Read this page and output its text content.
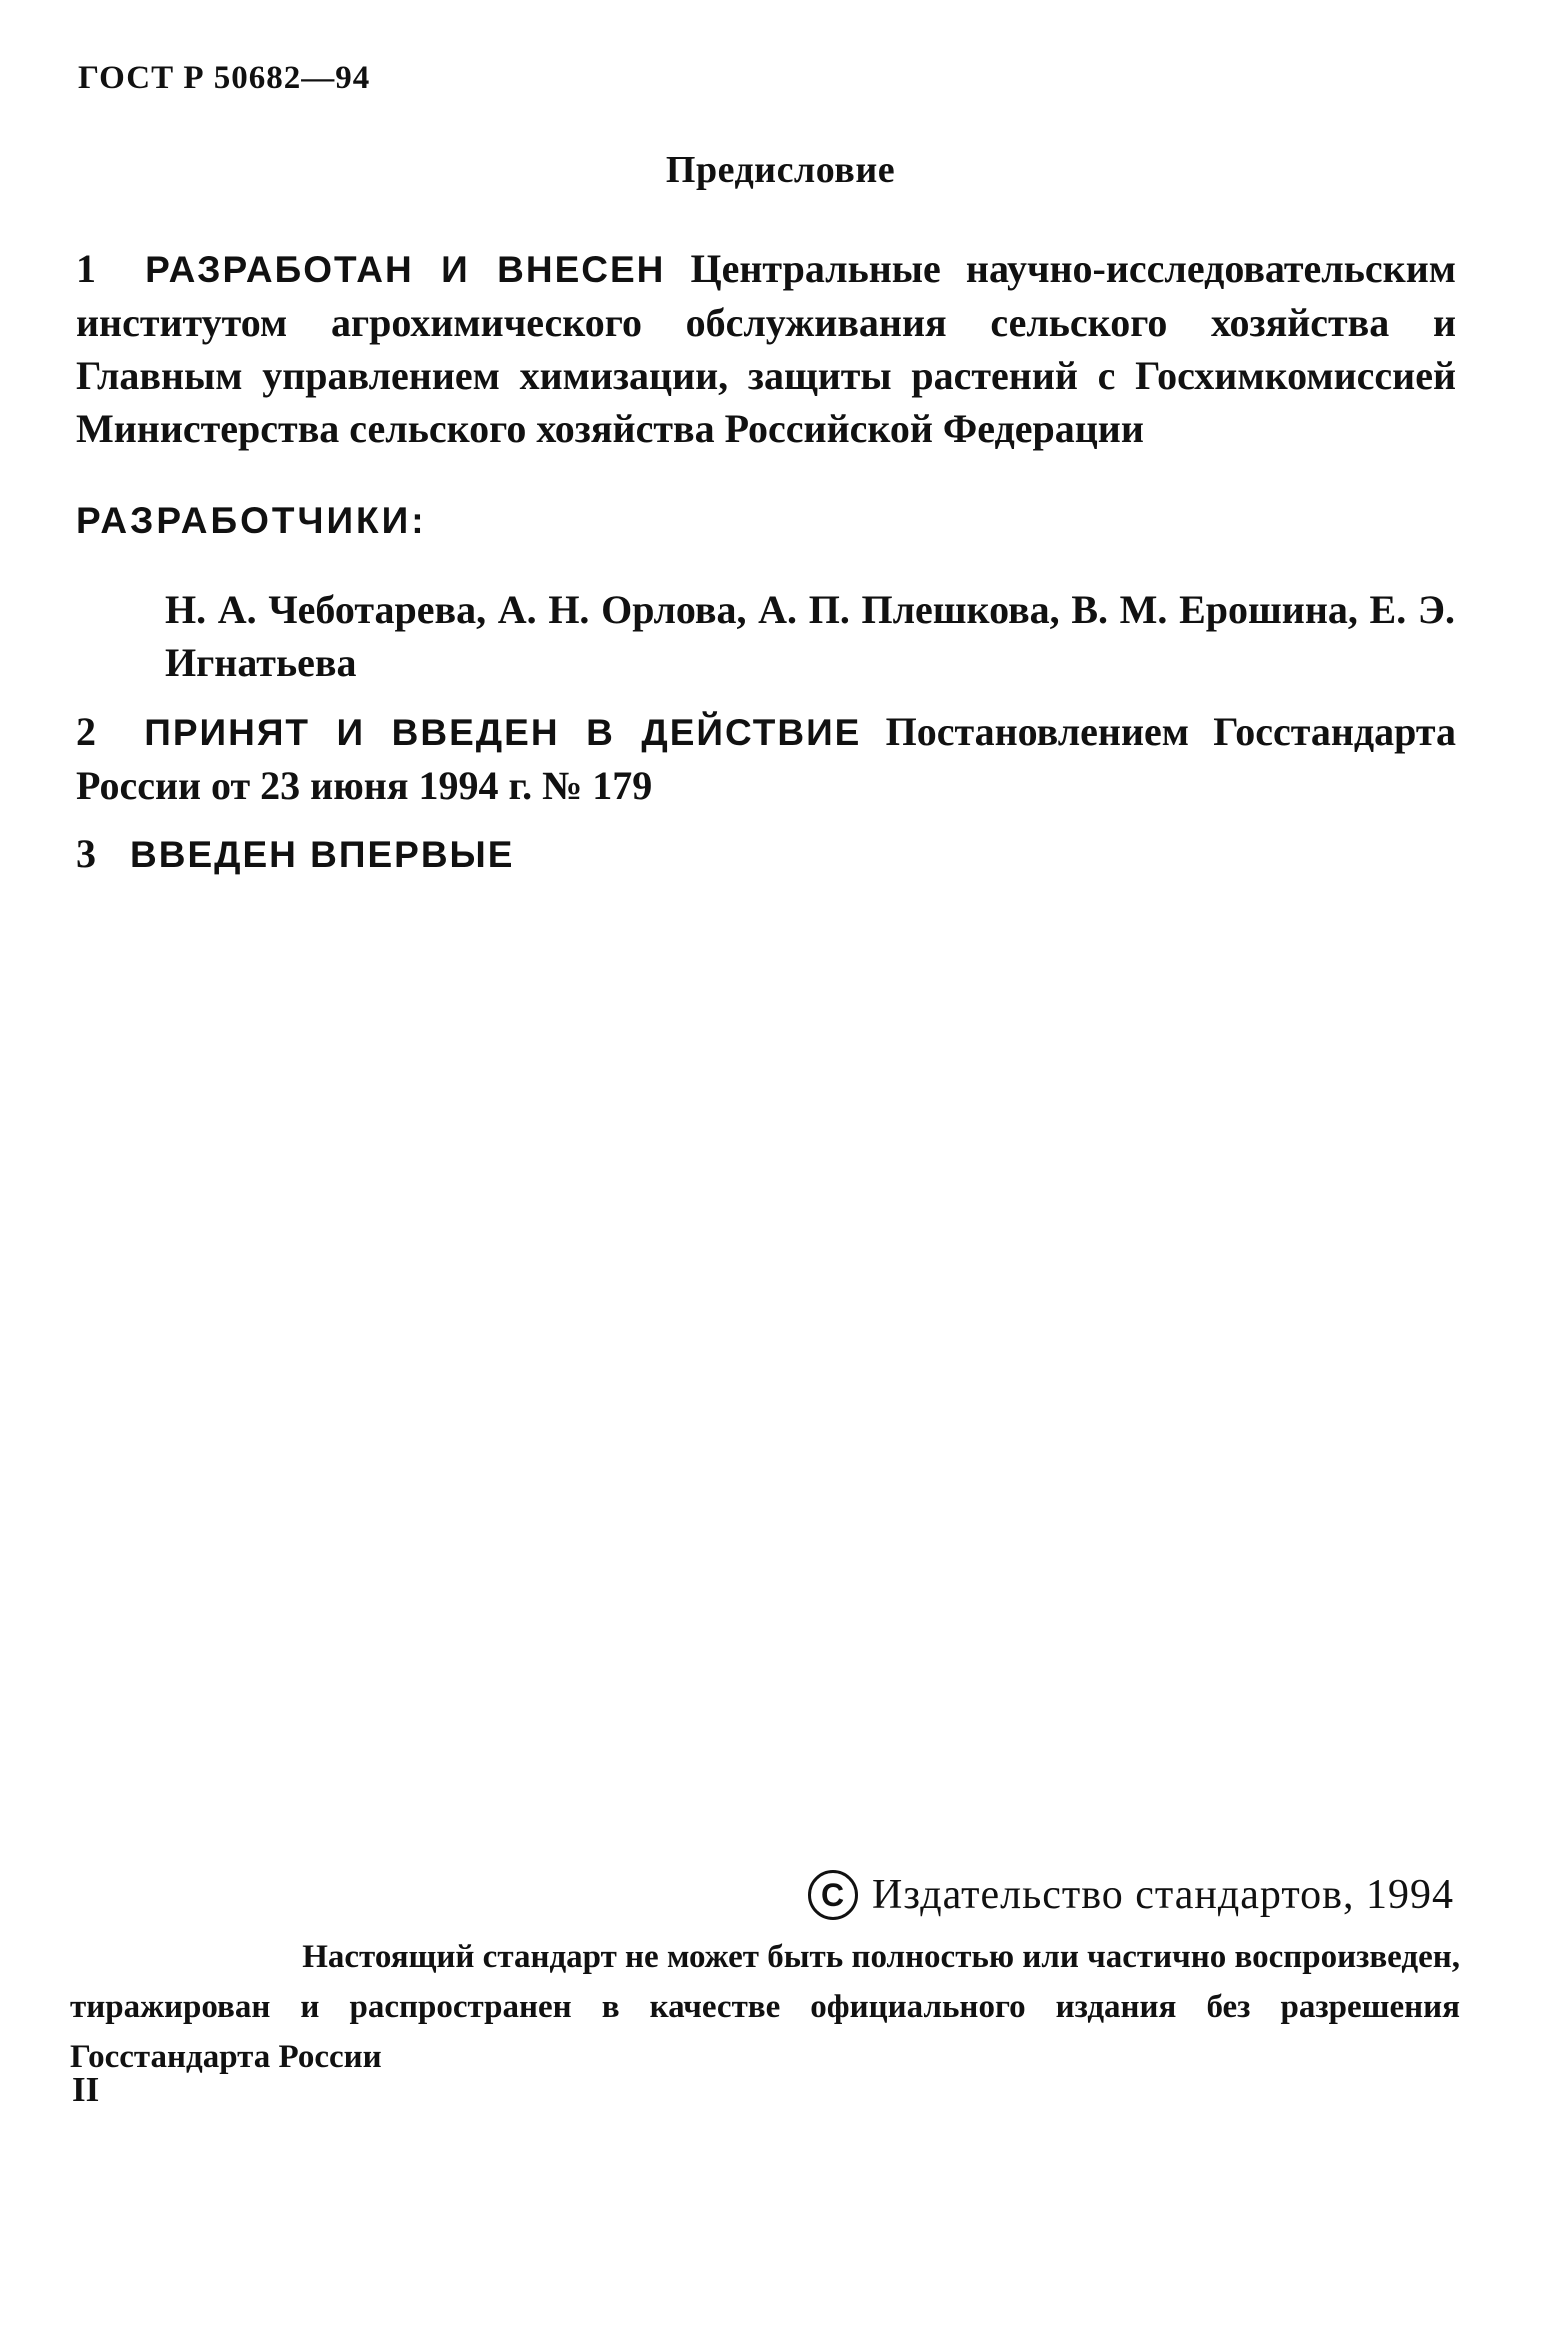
ГОСТ Р 50682—94
Предисловие
1 РАЗРАБОТАН И ВНЕСЕН Центральные научно-исследовательским институтом агрохимического обслуживания сельского хозяйства и Главным управлением химизации, защиты растений с Госхимкомиссией Министерства сельского хозяйства Российской Федерации
РАЗРАБОТЧИКИ:
Н. А. Чеботарева, А. Н. Орлова, А. П. Плешкова, В. М. Ерошина, Е. Э. Игнатьева
2 ПРИНЯТ И ВВЕДЕН В ДЕЙСТВИЕ Постановлением Госстандарта России от 23 июня 1994 г. № 179
3 ВВЕДЕН ВПЕРВЫЕ
C Издательство стандартов, 1994
Настоящий стандарт не может быть полностью или частично воспроизведен,
тиражирован и распространен в качестве официального издания без разрешения
Госстандарта России
II
